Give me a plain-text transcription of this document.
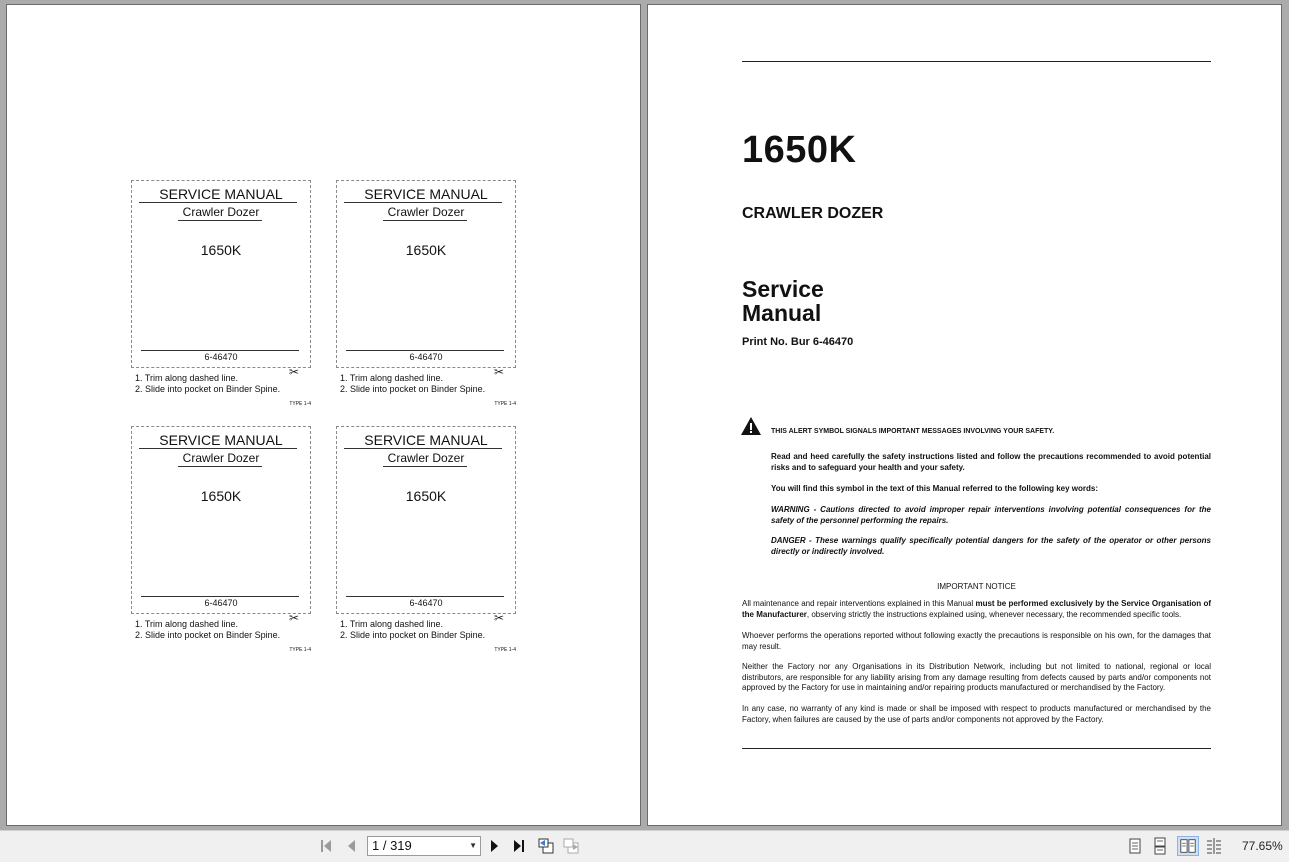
SERVICE MANUAL
Crawler Dozer
1650K
6-46470
✂
1. Trim along dashed line.
2. Slide into pocket on Binder Spine.
TYPE 1-4
SERVICE MANUAL
Crawler Dozer
1650K
6-46470
✂
1. Trim along dashed line.
2. Slide into pocket on Binder Spine.
TYPE 1-4
SERVICE MANUAL
Crawler Dozer
1650K
6-46470
✂
1. Trim along dashed line.
2. Slide into pocket on Binder Spine.
TYPE 1-4
SERVICE MANUAL
Crawler Dozer
1650K
6-46470
✂
1. Trim along dashed line.
2. Slide into pocket on Binder Spine.
TYPE 1-4
1650K
CRAWLER DOZER
Service
Manual
Print No. Bur 6-46470
THIS ALERT SYMBOL SIGNALS IMPORTANT MESSAGES INVOLVING YOUR SAFETY.
Read and heed carefully the safety instructions listed and follow the precautions recommended to avoid potential risks and to safeguard your health and your safety.
You will find this symbol in the text of this Manual referred to the following key words:
WARNING - Cautions directed to avoid improper repair interventions involving potential consequences for the safety of the personnel performing the repairs.
DANGER - These warnings qualify specifically potential dangers for the safety of the operator or other persons directly or indirectly involved.
IMPORTANT NOTICE
All maintenance and repair interventions explained in this Manual must be performed exclusively by the Service Organisation of the Manufacturer, observing strictly the instructions explained using, whenever necessary, the recommended specific tools.
Whoever performs the operations reported without following exactly the precautions is responsible on his own, for the damages that may result.
Neither the Factory nor any Organisations in its Distribution Network, including but not limited to national, regional or local distributors, are responsible for any liability arising from any damage resulting from defects caused by parts and/or components not approved by the Factory for use in maintaining and/or repairing products manufactured or merchandised by the Factory.
In any case, no warranty of any kind is made or shall be imposed with respect to products manufactured or merchandised by the Factory, when failures are caused by the use of parts and/or components not approved by the Factory.
1 / 319	▼	77.65%
